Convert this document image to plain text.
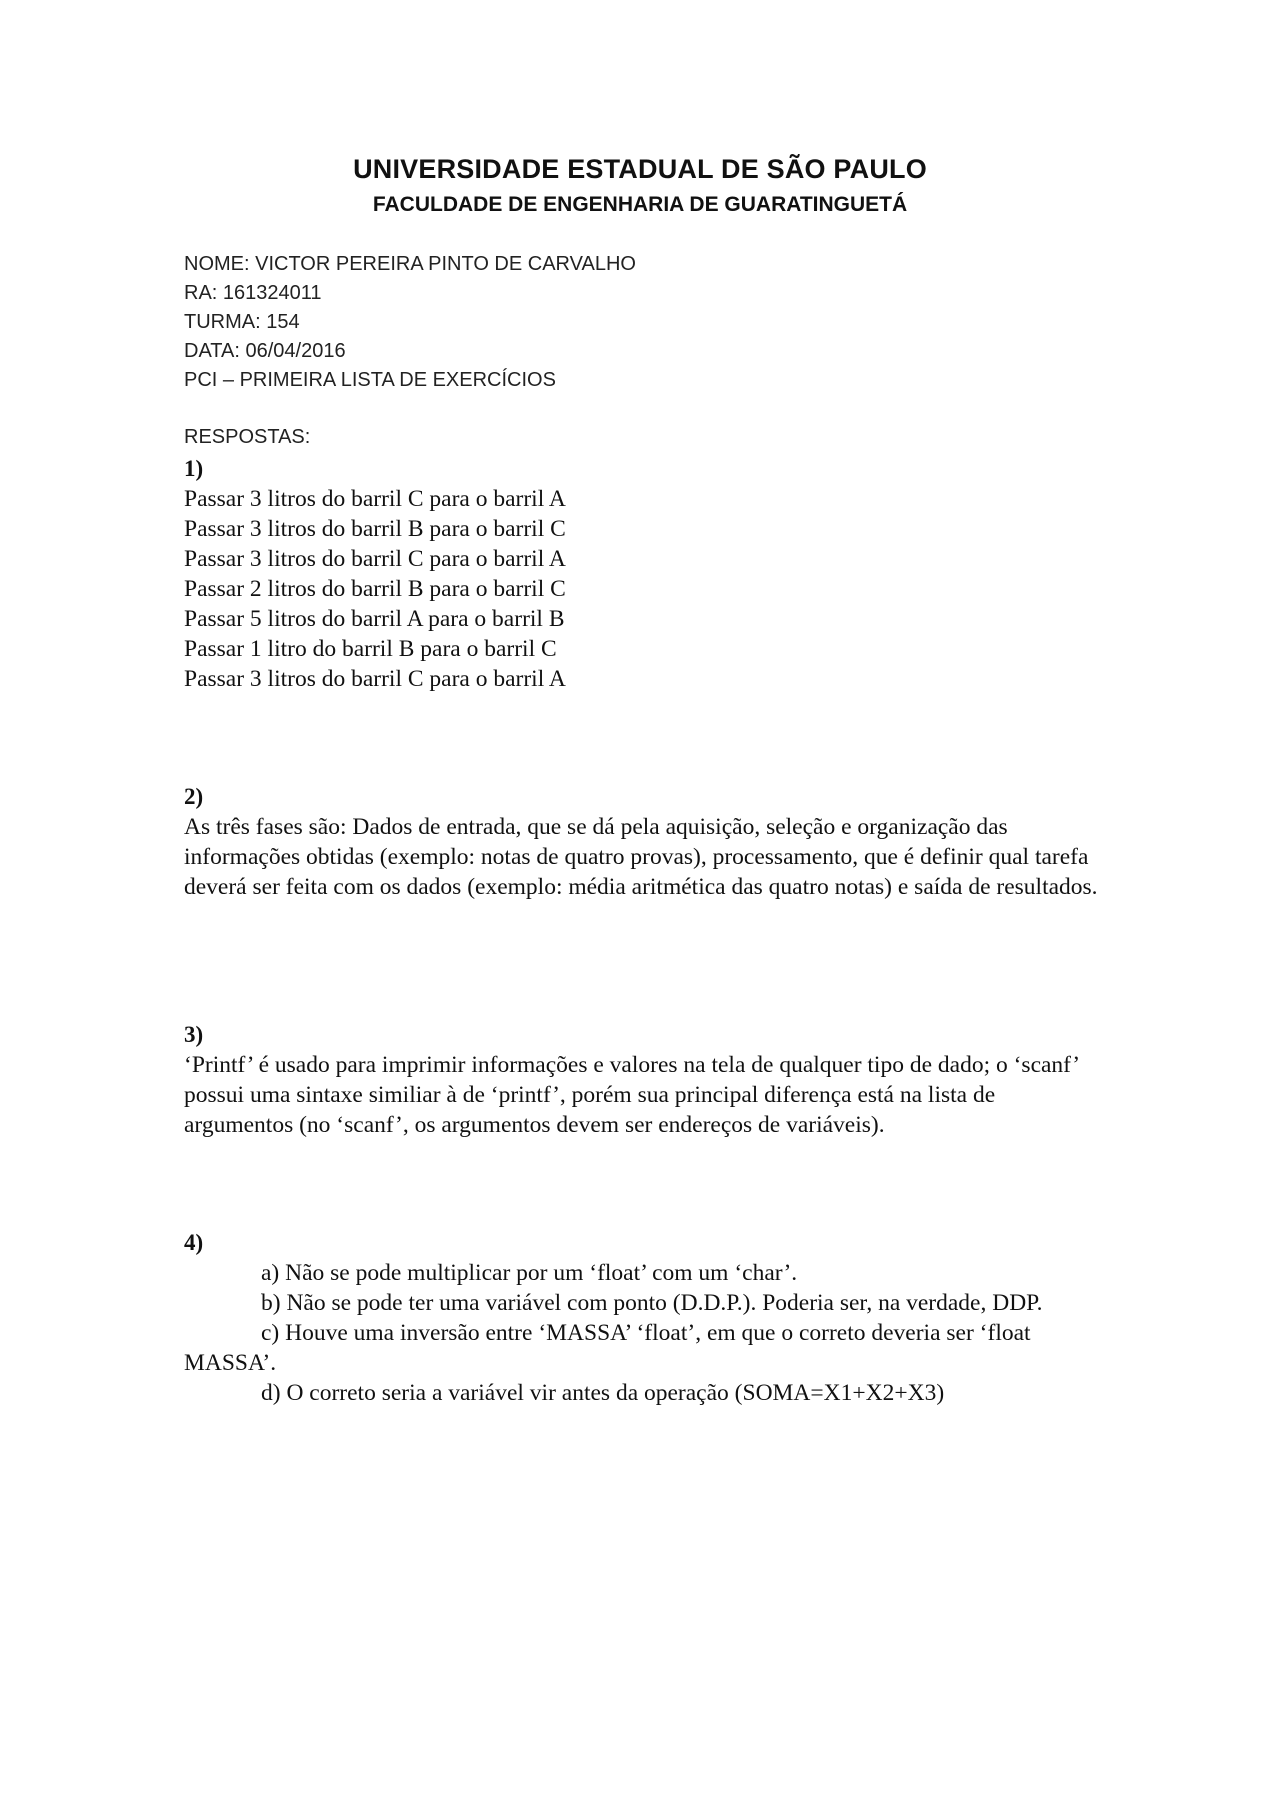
UNIVERSIDADE ESTADUAL DE SÃO PAULO
FACULDADE DE ENGENHARIA DE GUARATINGUETÁ
NOME: VICTOR PEREIRA PINTO DE CARVALHO
RA: 161324011
TURMA: 154
DATA: 06/04/2016
PCI – PRIMEIRA LISTA DE EXERCÍCIOS
RESPOSTAS:
1)
Passar 3 litros do barril C para o barril A
Passar 3 litros do barril B para o barril C
Passar 3 litros do barril C para o barril A
Passar 2 litros do barril B para o barril C
Passar 5 litros do barril A para o barril B
Passar 1 litro do barril B para o barril C
Passar 3 litros do barril C para o barril A
2)
As três fases são: Dados de entrada, que se dá pela aquisição, seleção e organização das informações obtidas (exemplo: notas de quatro provas), processamento, que é definir qual tarefa deverá ser feita com os dados (exemplo: média aritmética das quatro notas) e saída de resultados.
3)
‘Printf’ é usado para imprimir informações e valores na tela de qualquer tipo de dado; o ‘scanf’ possui uma sintaxe similiar à de ‘printf’, porém sua principal diferença está na lista de argumentos (no ‘scanf’, os argumentos devem ser endereços de variáveis).
4)

a) Não se pode multiplicar por um ‘float’ com um ‘char’.

b) Não se pode ter uma variável com ponto (D.D.P.). Poderia ser, na verdade, DDP.

c) Houve uma inversão entre ‘MASSA’ ‘float’, em que o correto deveria ser ‘float MASSA’.

d) O correto seria a variável vir antes da operação (SOMA=X1+X2+X3)
